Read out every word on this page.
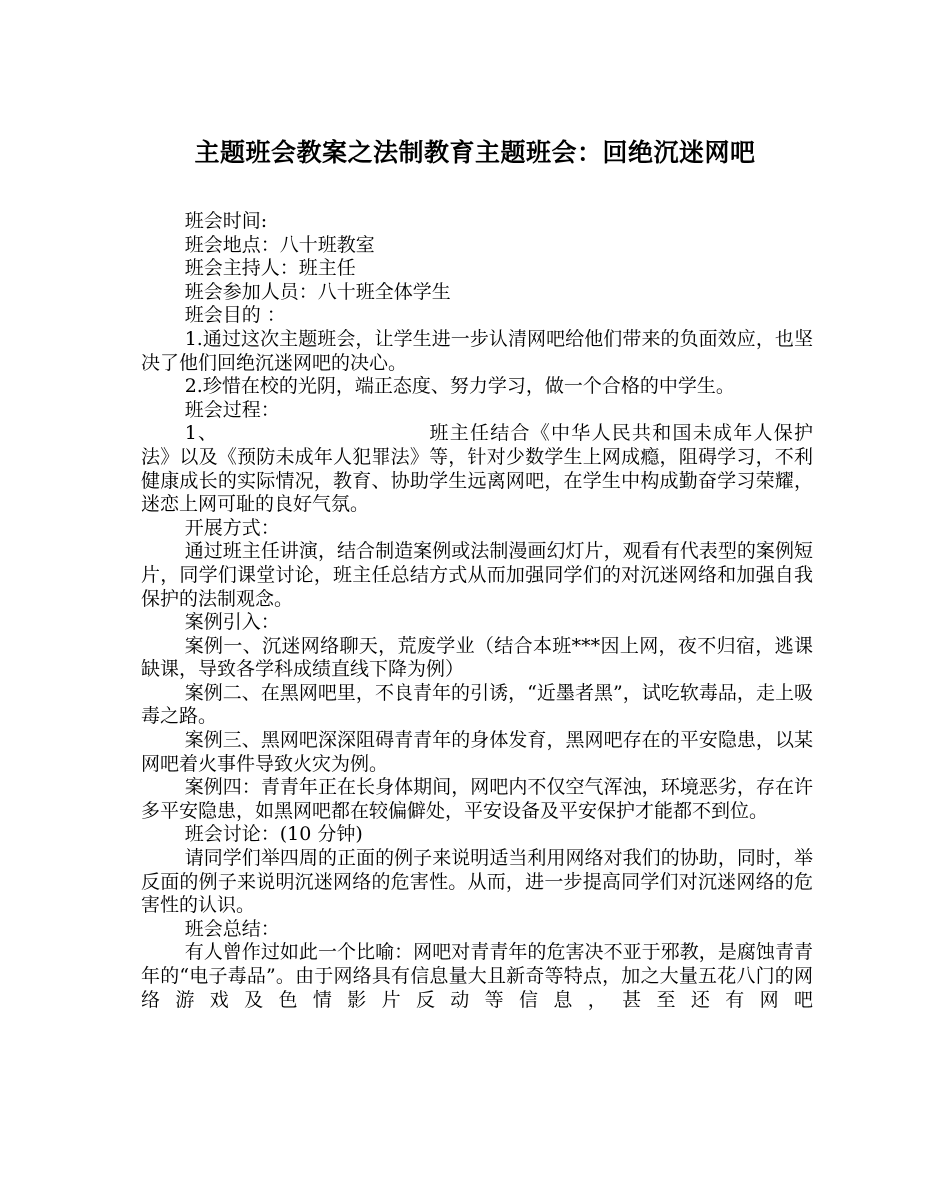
主题班会教案之法制教育主题班会：回绝沉迷网吧

班会时间:

班会地点：八十班教室

班会主持人：班主任

班会参加人员：八十班全体学生

班会目的 ：

1.通过这次主题班会，让学生进一步认清网吧给他们带来的负面效应，也坚决了他们回绝沉迷网吧的决心。

2.珍惜在校的光阴，端正态度、努力学习，做一个合格的中学生。

班会过程：

1、	班主任结合《中华人民共和国未成年人保护法》以及《预防未成年人犯罪法》等，针对少数学生上网成瘾，阻碍学习，不利健康成长的实际情况，教育、协助学生远离网吧，在学生中构成勤奋学习荣耀，迷恋上网可耻的良好气氛。

开展方式：

通过班主任讲演，结合制造案例或法制漫画幻灯片，观看有代表型的案例短片，同学们课堂讨论，班主任总结方式从而加强同学们的对沉迷网络和加强自我保护的法制观念。

案例引入：

案例一、沉迷网络聊天，荒废学业（结合本班***因上网，夜不归宿，逃课缺课，导致各学科成绩直线下降为例）

案例二、在黑网吧里，不良青年的引诱，“近墨者黑”，试吃软毒品，走上吸毒之路。

案例三、黑网吧深深阻碍青青年的身体发育，黑网吧存在的平安隐患，以某网吧着火事件导致火灾为例。

案例四：青青年正在长身体期间，网吧内不仅空气浑浊，环境恶劣，存在许多平安隐患，如黑网吧都在较偏僻处，平安设备及平安保护才能都不到位。

班会讨论：(10 分钟)

请同学们举四周的正面的例子来说明适当利用网络对我们的协助，同时，举反面的例子来说明沉迷网络的危害性。从而，进一步提高同学们对沉迷网络的危害性的认识。

班会总结：

有人曾作过如此一个比喻：网吧对青青年的危害决不亚于邪教，是腐蚀青青年的“电子毒品”。由于网络具有信息量大且新奇等特点，加之大量五花八门的网络游戏及色情影片反动等信息，甚至还有网吧
